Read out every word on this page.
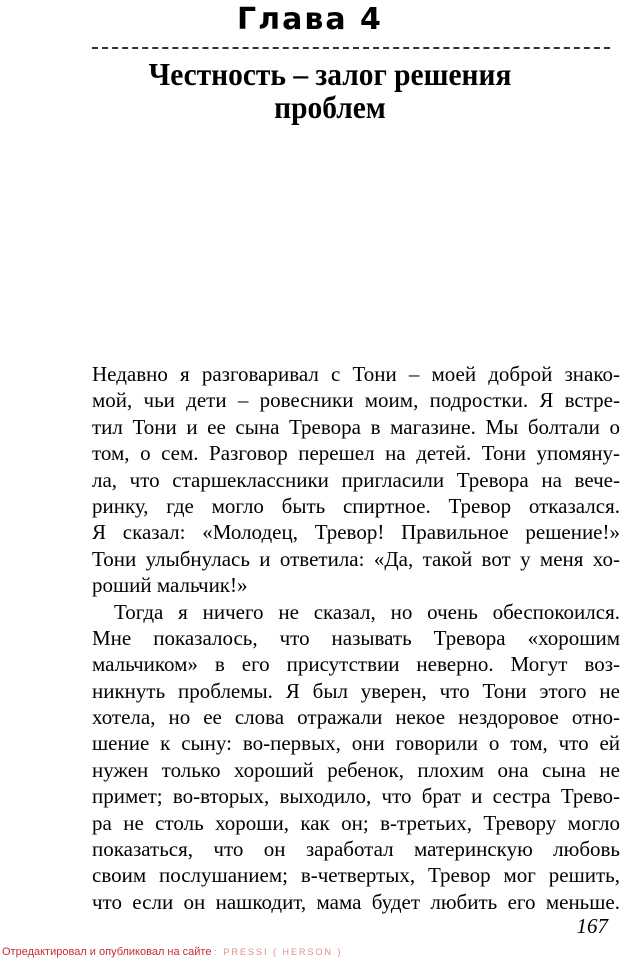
Глава 4
Честность – залог решения
проблем
Недавно я разговаривал с Тони – моей доброй знако-
мой, чьи дети – ровесники моим, подростки. Я встре-
тил Тони и ее сына Тревора в магазине. Мы болтали о
том, о сем. Разговор перешел на детей. Тони упомяну-
ла, что старшеклассники пригласили Тревора на вече-
ринку, где могло быть спиртное. Тревор отказался.
Я сказал: «Молодец, Тревор! Правильное решение!»
Тони улыбнулась и ответила: «Да, такой вот у меня хо-
роший мальчик!»
Тогда я ничего не сказал, но очень обеспокоился.
Мне показалось, что называть Тревора «хорошим
мальчиком» в его присутствии неверно. Могут воз-
никнуть проблемы. Я был уверен, что Тони этого не
хотела, но ее слова отражали некое нездоровое отно-
шение к сыну: во-первых, они говорили о том, что ей
нужен только хороший ребенок, плохим она сына не
примет; во-вторых, выходило, что брат и сестра Трево-
ра не столь хороши, как он; в-третьих, Тревору могло
показаться, что он заработал материнскую любовь
своим послушанием; в-четвертых, Тревор мог решить,
что если он нашкодит, мама будет любить его меньше.
167
Отредактировал и опубликовал на сайте : PRESSI ( HERSON )
